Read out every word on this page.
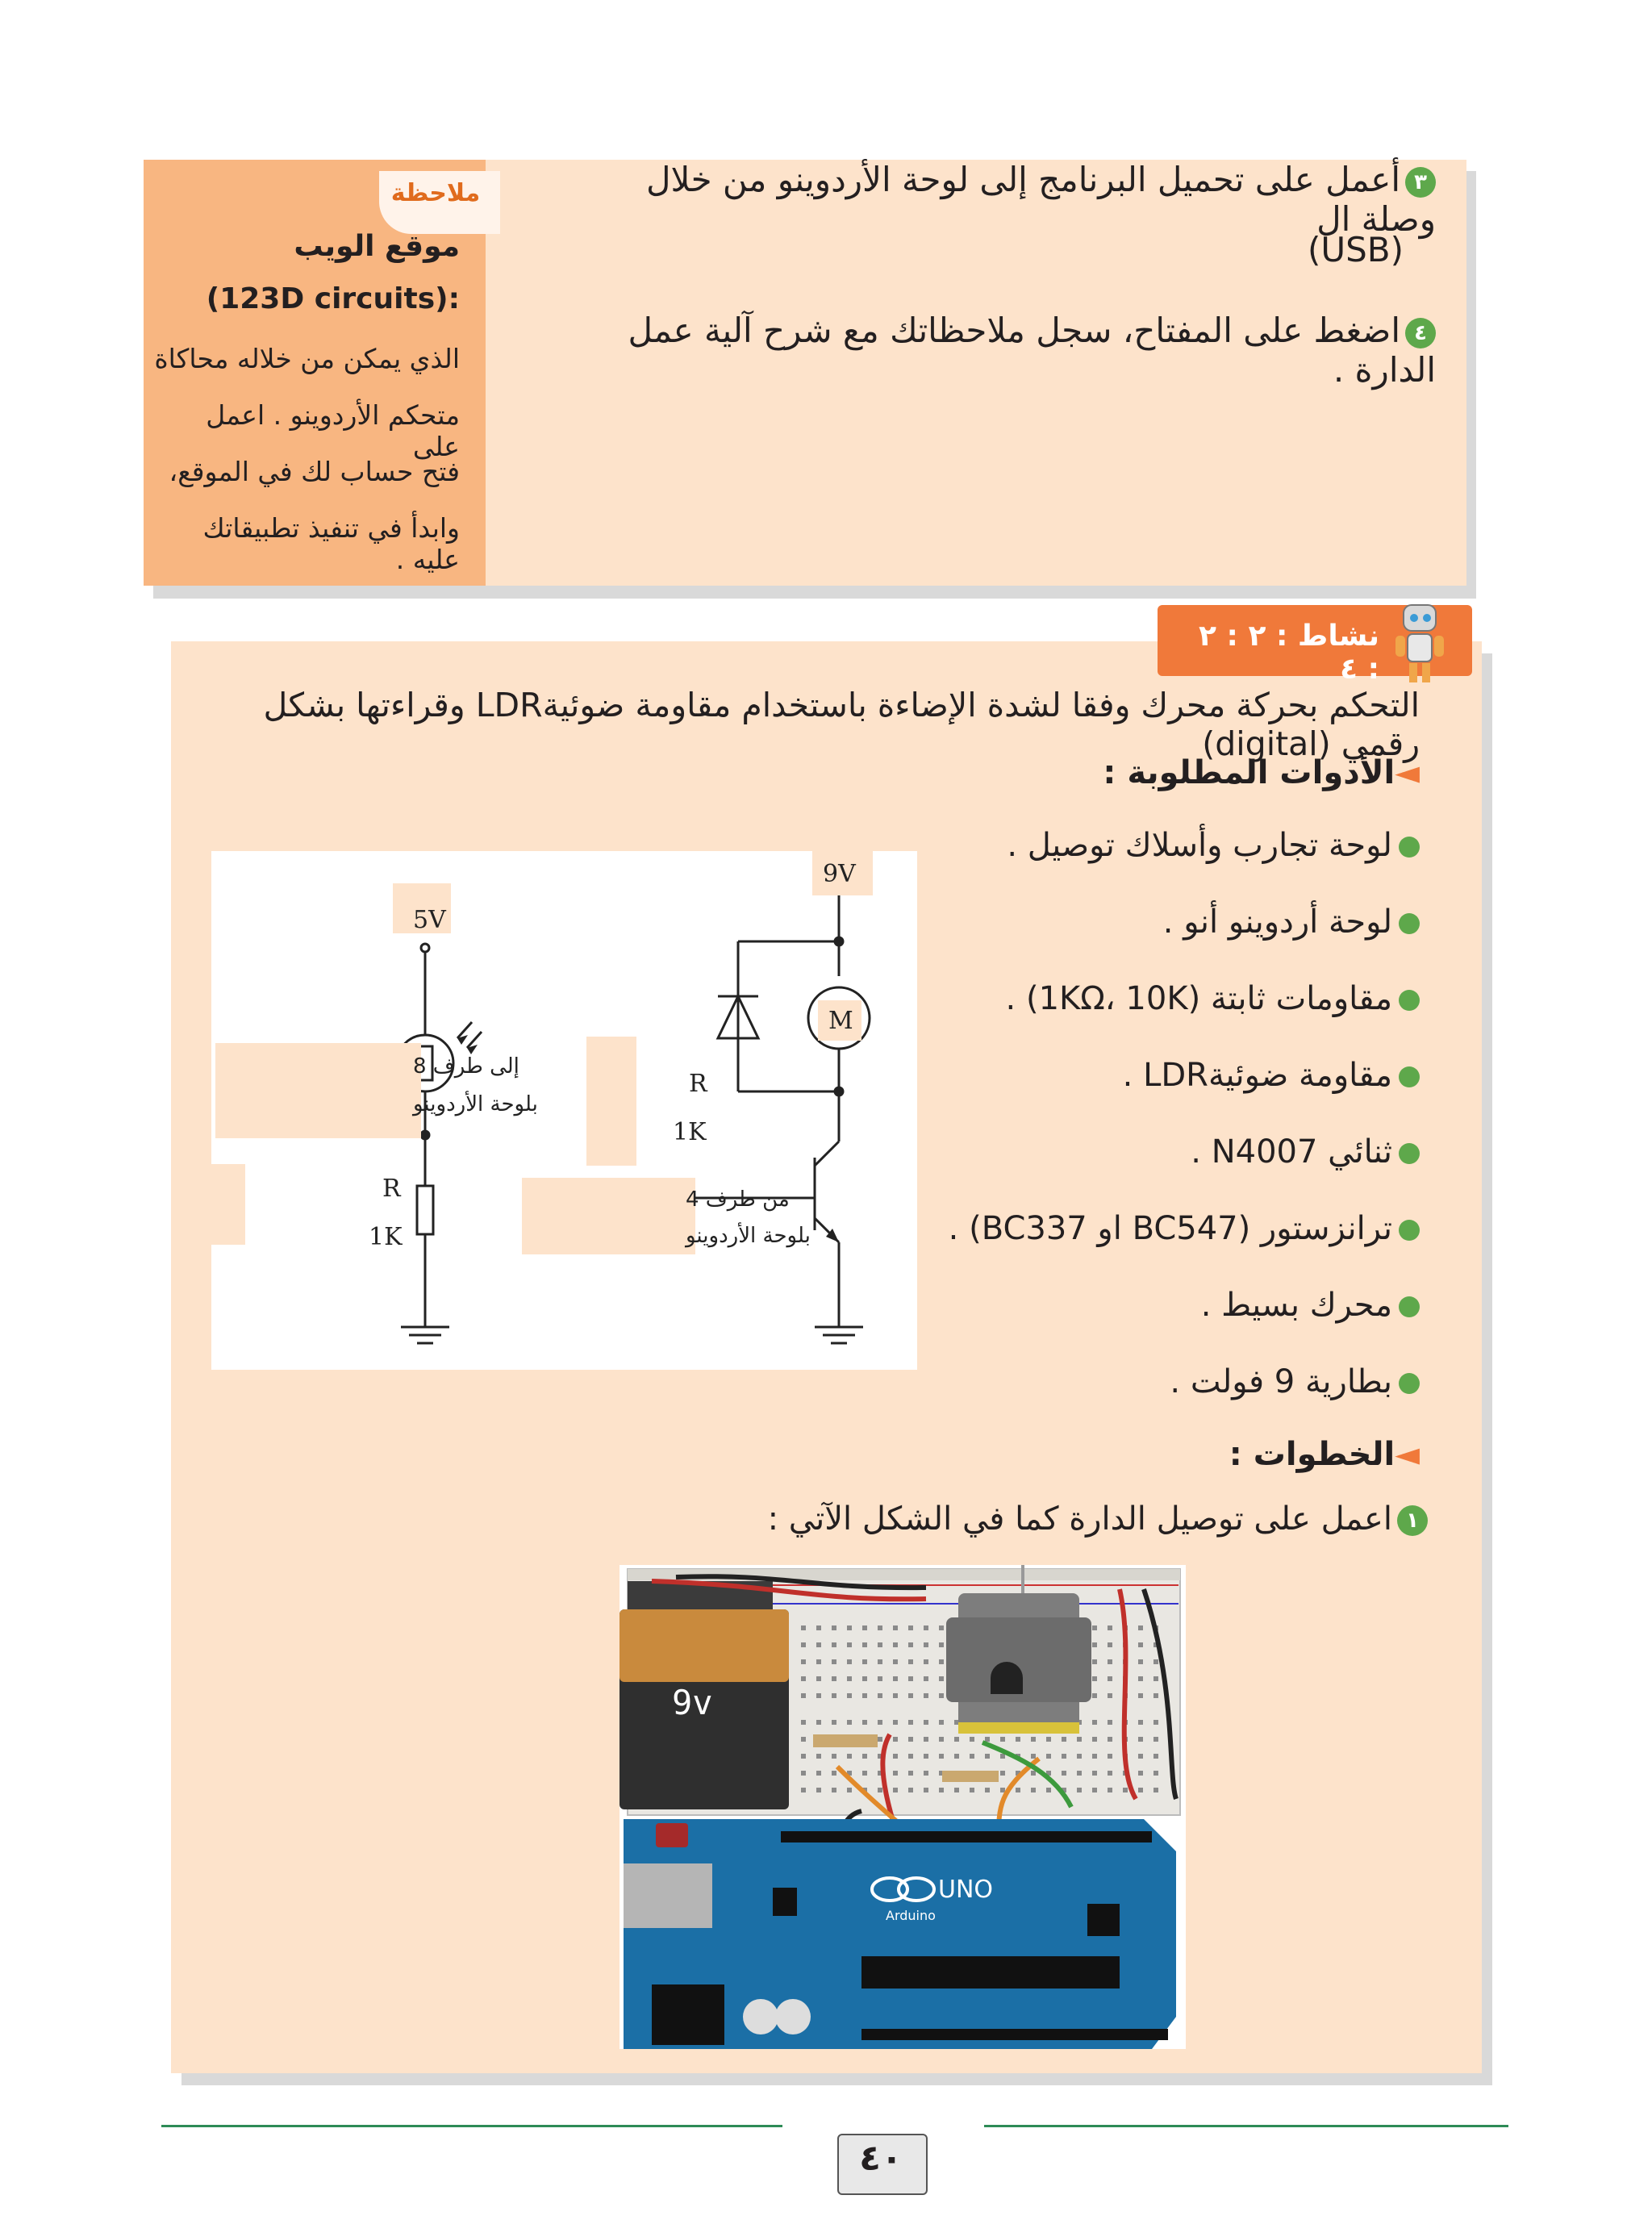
ملاحظة
موقع الويب
:(123D circuits)
الذي يمكن من خلاله محاكاة
متحكم الأردوينو . اعمل على
فتح حساب لك في الموقع،
وابدأ في تنفيذ تطبيقاتك عليه .
٣أعمل على تحميل البرنامج إلى لوحة الأردوينو من خلال وصلة ال
(USB)
٤اضغط على المفتاح، سجل ملاحظاتك مع شرح آلية عمل الدارة .
نشاط : ٢ : ٢ : ٤
التحكم بحركة محرك وفقا لشدة الإضاءة باستخدام مقاومة ضوئيةLDR وقراءتها بشكل رقمي (digital)
◄الأدوات المطلوبة :
لوحة تجارب وأسلاك توصيل .
لوحة أردوينو أنو .
مقاومات ثابتة (1KΩ، 10K) .
مقاومة ضوئيةLDR .
ثنائي N4007 .
ترانزستور (BC547 او BC337) .
محرك بسيط .
بطارية 9 فولت .
◄الخطوات :
١اعمل على توصيل الدارة كما في الشكل الآتي :
5V
9V
M
R
1K
R
1K
إلى طرف 8
بلوحة الأردوينو
من طرف 4
بلوحة الأردوينو
9v
UNO
Arduino
٤٠
